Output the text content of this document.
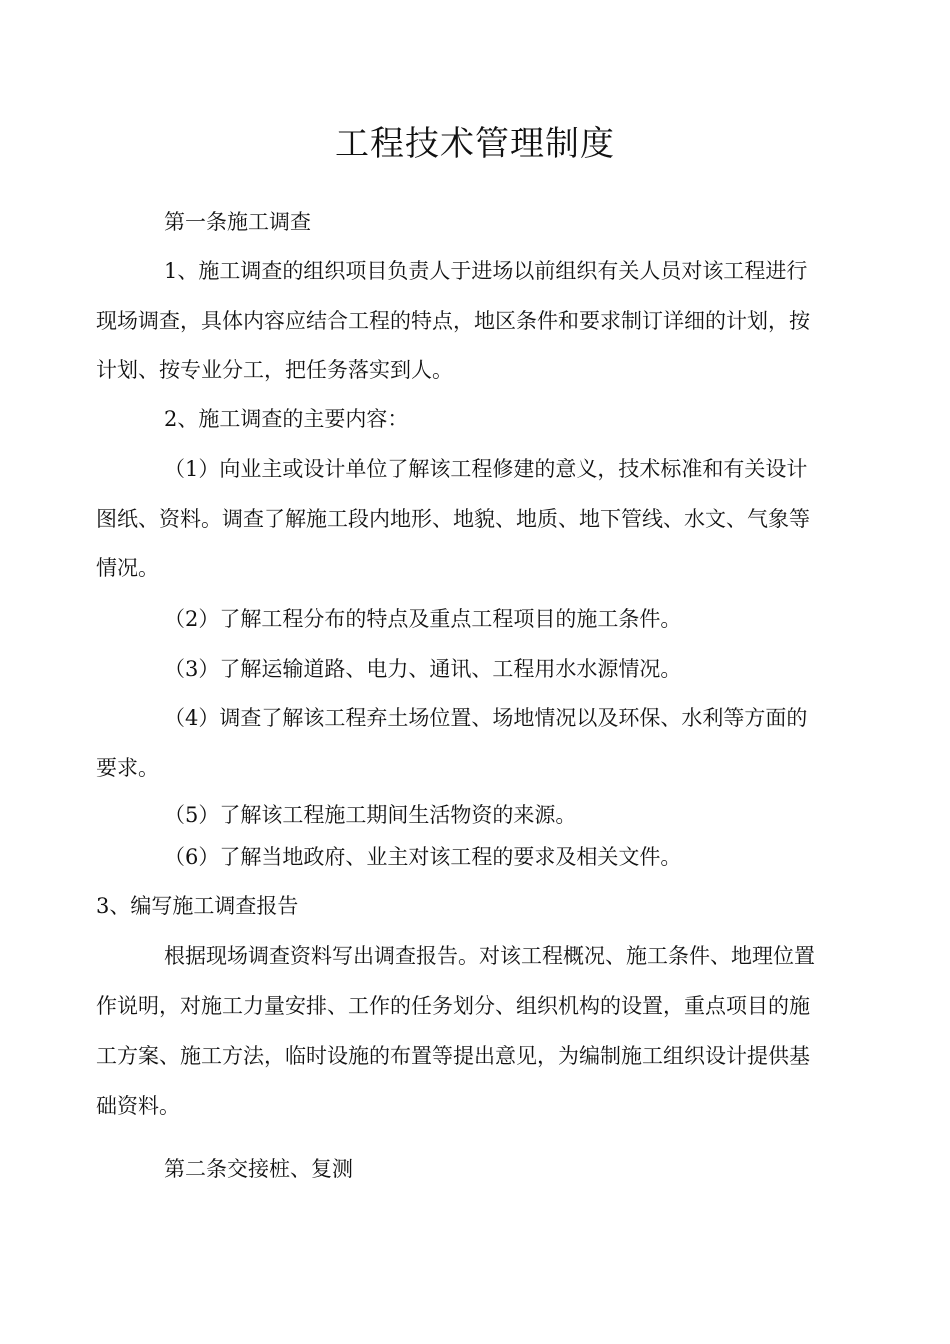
工程技术管理制度
第一条施工调查
1、施工调查的组织项目负责人于进场以前组织有关人员对该工程进行
现场调查，具体内容应结合工程的特点，地区条件和要求制订详细的计划，按
计划、按专业分工，把任务落实到人。
2、施工调查的主要内容：
（1）向业主或设计单位了解该工程修建的意义，技术标准和有关设计
图纸、资料。调查了解施工段内地形、地貌、地质、地下管线、水文、气象等
情况。
（2）了解工程分布的特点及重点工程项目的施工条件。
（3）了解运输道路、电力、通讯、工程用水水源情况。
（4）调查了解该工程弃土场位置、场地情况以及环保、水利等方面的
要求。
（5）了解该工程施工期间生活物资的来源。
（6）了解当地政府、业主对该工程的要求及相关文件。
3、编写施工调查报告
根据现场调查资料写出调查报告。对该工程概况、施工条件、地理位置
作说明，对施工力量安排、工作的任务划分、组织机构的设置，重点项目的施
工方案、施工方法，临时设施的布置等提出意见，为编制施工组织设计提供基
础资料。
第二条交接桩、复测
